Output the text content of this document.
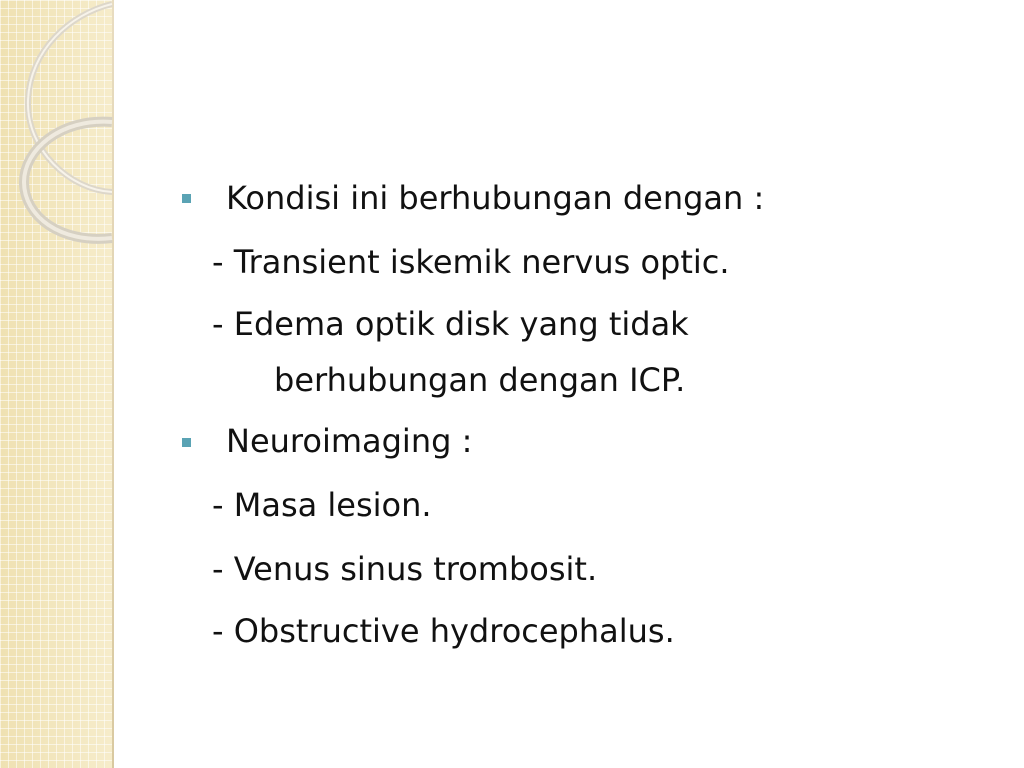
Kondisi ini berhubungan dengan :
- Transient iskemik nervus optic.
- Edema optik disk yang tidak
berhubungan dengan ICP.
Neuroimaging :
- Masa lesion.
- Venus sinus trombosit.
- Obstructive hydrocephalus.
